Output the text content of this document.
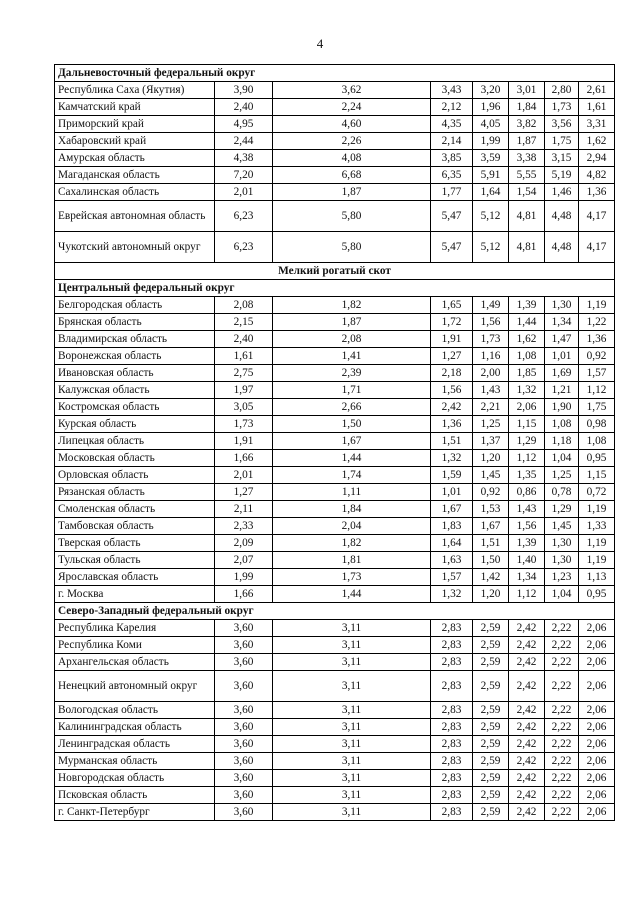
4
Дальневосточный федеральный округ							
Республика Саха (Якутия)	3,90	3,62	3,43	3,20	3,01	2,80	2,61
Камчатский край	2,40	2,24	2,12	1,96	1,84	1,73	1,61
Приморский край	4,95	4,60	4,35	4,05	3,82	3,56	3,31
Хабаровский край	2,44	2,26	2,14	1,99	1,87	1,75	1,62
Амурская область	4,38	4,08	3,85	3,59	3,38	3,15	2,94
Магаданская область	7,20	6,68	6,35	5,91	5,55	5,19	4,82
Сахалинская область	2,01	1,87	1,77	1,64	1,54	1,46	1,36
Еврейская автономная область	6,23	5,80	5,47	5,12	4,81	4,48	4,17
Чукотский автономный округ	6,23	5,80	5,47	5,12	4,81	4,48	4,17
Мелкий рогатый скот							
Центральный федеральный округ							
Белгородская область	2,08	1,82	1,65	1,49	1,39	1,30	1,19
Брянская область	2,15	1,87	1,72	1,56	1,44	1,34	1,22
Владимирская область	2,40	2,08	1,91	1,73	1,62	1,47	1,36
Воронежская область	1,61	1,41	1,27	1,16	1,08	1,01	0,92
Ивановская область	2,75	2,39	2,18	2,00	1,85	1,69	1,57
Калужская область	1,97	1,71	1,56	1,43	1,32	1,21	1,12
Костромская область	3,05	2,66	2,42	2,21	2,06	1,90	1,75
Курская область	1,73	1,50	1,36	1,25	1,15	1,08	0,98
Липецкая область	1,91	1,67	1,51	1,37	1,29	1,18	1,08
Московская область	1,66	1,44	1,32	1,20	1,12	1,04	0,95
Орловская область	2,01	1,74	1,59	1,45	1,35	1,25	1,15
Рязанская область	1,27	1,11	1,01	0,92	0,86	0,78	0,72
Смоленская область	2,11	1,84	1,67	1,53	1,43	1,29	1,19
Тамбовская область	2,33	2,04	1,83	1,67	1,56	1,45	1,33
Тверская область	2,09	1,82	1,64	1,51	1,39	1,30	1,19
Тульская область	2,07	1,81	1,63	1,50	1,40	1,30	1,19
Ярославская область	1,99	1,73	1,57	1,42	1,34	1,23	1,13
г. Москва	1,66	1,44	1,32	1,20	1,12	1,04	0,95
Северо-Западный федеральный округ							
Республика Карелия	3,60	3,11	2,83	2,59	2,42	2,22	2,06
Республика Коми	3,60	3,11	2,83	2,59	2,42	2,22	2,06
Архангельская область	3,60	3,11	2,83	2,59	2,42	2,22	2,06
Ненецкий автономный округ	3,60	3,11	2,83	2,59	2,42	2,22	2,06
Вологодская область	3,60	3,11	2,83	2,59	2,42	2,22	2,06
Калининградская область	3,60	3,11	2,83	2,59	2,42	2,22	2,06
Ленинградская область	3,60	3,11	2,83	2,59	2,42	2,22	2,06
Мурманская область	3,60	3,11	2,83	2,59	2,42	2,22	2,06
Новгородская область	3,60	3,11	2,83	2,59	2,42	2,22	2,06
Псковская область	3,60	3,11	2,83	2,59	2,42	2,22	2,06
г. Санкт-Петербург	3,60	3,11	2,83	2,59	2,42	2,22	2,06
